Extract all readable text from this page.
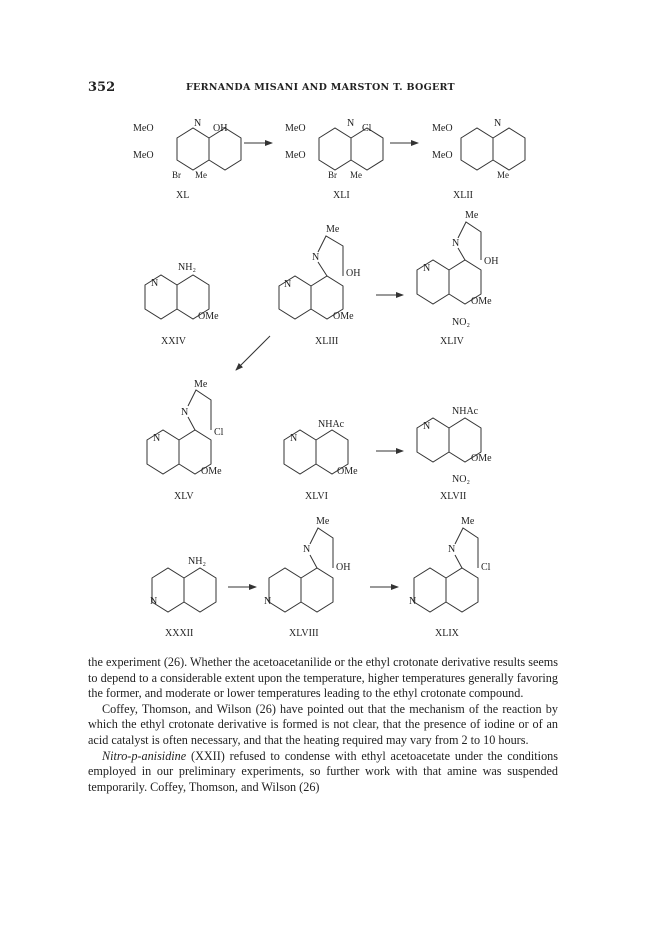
352	FERNANDA MISANI AND MARSTON T. BOGERT
MeO
MeO
N OH
Br Me
XL
MeO
MeO
N Cl
Br Me
XLI
MeO
MeO
N
Me
XLII
NH₂
N
OMe
XXIV
Me
N
N
OH
OMe
XLIII
Me
N
N
OH
OMe
NO₂
XLIV
Me
N
N
Cl
OMe
XLV
NHAc
N
OMe
XLVI
NHAc
N
OMe
NO₂
XLVII
NH₂
N
XXXII
Me
N
N
OH
XLVIII
Me
N
N
Cl
XLIX

the experiment (26). Whether the acetoacetanilide or the ethyl crotonate derivative results seems to depend to a considerable extent upon the temperature, higher temperatures generally favoring the former, and moderate or lower temperatures leading to the ethyl crotonate compound.

Coffey, Thomson, and Wilson (26) have pointed out that the mechanism of the reaction by which the ethyl crotonate derivative is formed is not clear, that the presence of iodine or of an acid catalyst is often necessary, and that the heating required may vary from 2 to 10 hours.

Nitro-p-anisidine (XXII) refused to condense with ethyl acetoacetate under the conditions employed in our preliminary experiments, so further work with that amine was suspended temporarily. Coffey, Thomson, and Wilson (26)
